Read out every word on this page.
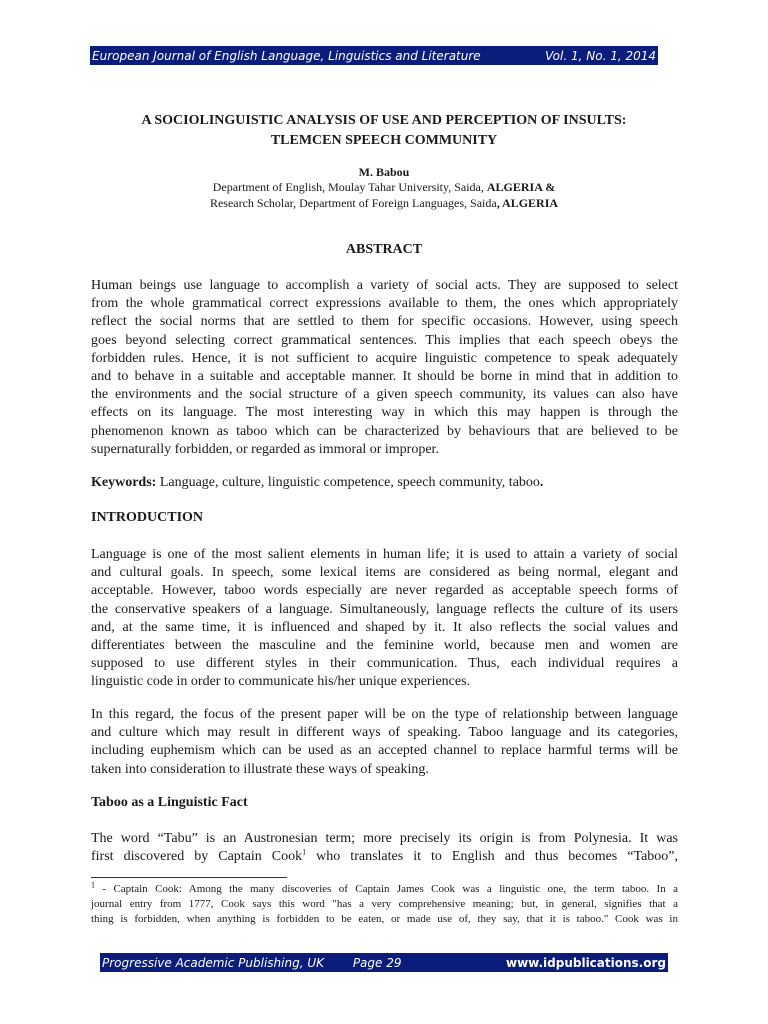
European Journal of English Language, Linguistics and Literature	Vol. 1, No. 1, 2014
A SOCIOLINGUISTIC ANALYSIS OF USE AND PERCEPTION OF INSULTS:
TLEMCEN SPEECH COMMUNITY
M. Babou
Department of English, Moulay Tahar University, Saida, ALGERIA &
Research Scholar, Department of Foreign Languages, Saida, ALGERIA
ABSTRACT
Human beings use language to accomplish a variety of social acts. They are supposed to select
from the whole grammatical correct expressions available to them, the ones which appropriately
reflect the social norms that are settled to them for specific occasions. However, using speech
goes beyond selecting correct grammatical sentences. This implies that each speech obeys the
forbidden rules. Hence, it is not sufficient to acquire linguistic competence to speak adequately
and to behave in a suitable and acceptable manner. It should be borne in mind that in addition to
the environments and the social structure of a given speech community, its values can also have
effects on its language. The most interesting way in which this may happen is through the
phenomenon known as taboo which can be characterized by behaviours that are believed to be
supernaturally forbidden, or regarded as immoral or improper.
Keywords: Language, culture, linguistic competence, speech community, taboo.
INTRODUCTION
Language is one of the most salient elements in human life; it is used to attain a variety of social
and cultural goals. In speech, some lexical items are considered as being normal, elegant and
acceptable. However, taboo words especially are never regarded as acceptable speech forms of
the conservative speakers of a language. Simultaneously, language reflects the culture of its users
and, at the same time, it is influenced and shaped by it. It also reflects the social values and
differentiates between the masculine and the feminine world, because men and women are
supposed to use different styles in their communication. Thus, each individual requires a
linguistic code in order to communicate his/her unique experiences.
In this regard, the focus of the present paper will be on the type of relationship between language
and culture which may result in different ways of speaking. Taboo language and its categories,
including euphemism which can be used as an accepted channel to replace harmful terms will be
taken into consideration to illustrate these ways of speaking.
Taboo as a Linguistic Fact
The word “Tabu” is an Austronesian term; more precisely its origin is from Polynesia. It was
first discovered by Captain Cook$^1$ who translates it to English and thus becomes “Taboo”,
$^1$ - Captain Cook: Among the many discoveries of Captain James Cook was a linguistic one, the term taboo. In a
journal entry from 1777, Cook says this word "has a very comprehensive meaning; but, in general, signifies that a
thing is forbidden, when anything is forbidden to be eaten, or made use of, they say, that it is taboo." Cook was in
Progressive Academic Publishing, UK	Page 29	www.idpublications.org
